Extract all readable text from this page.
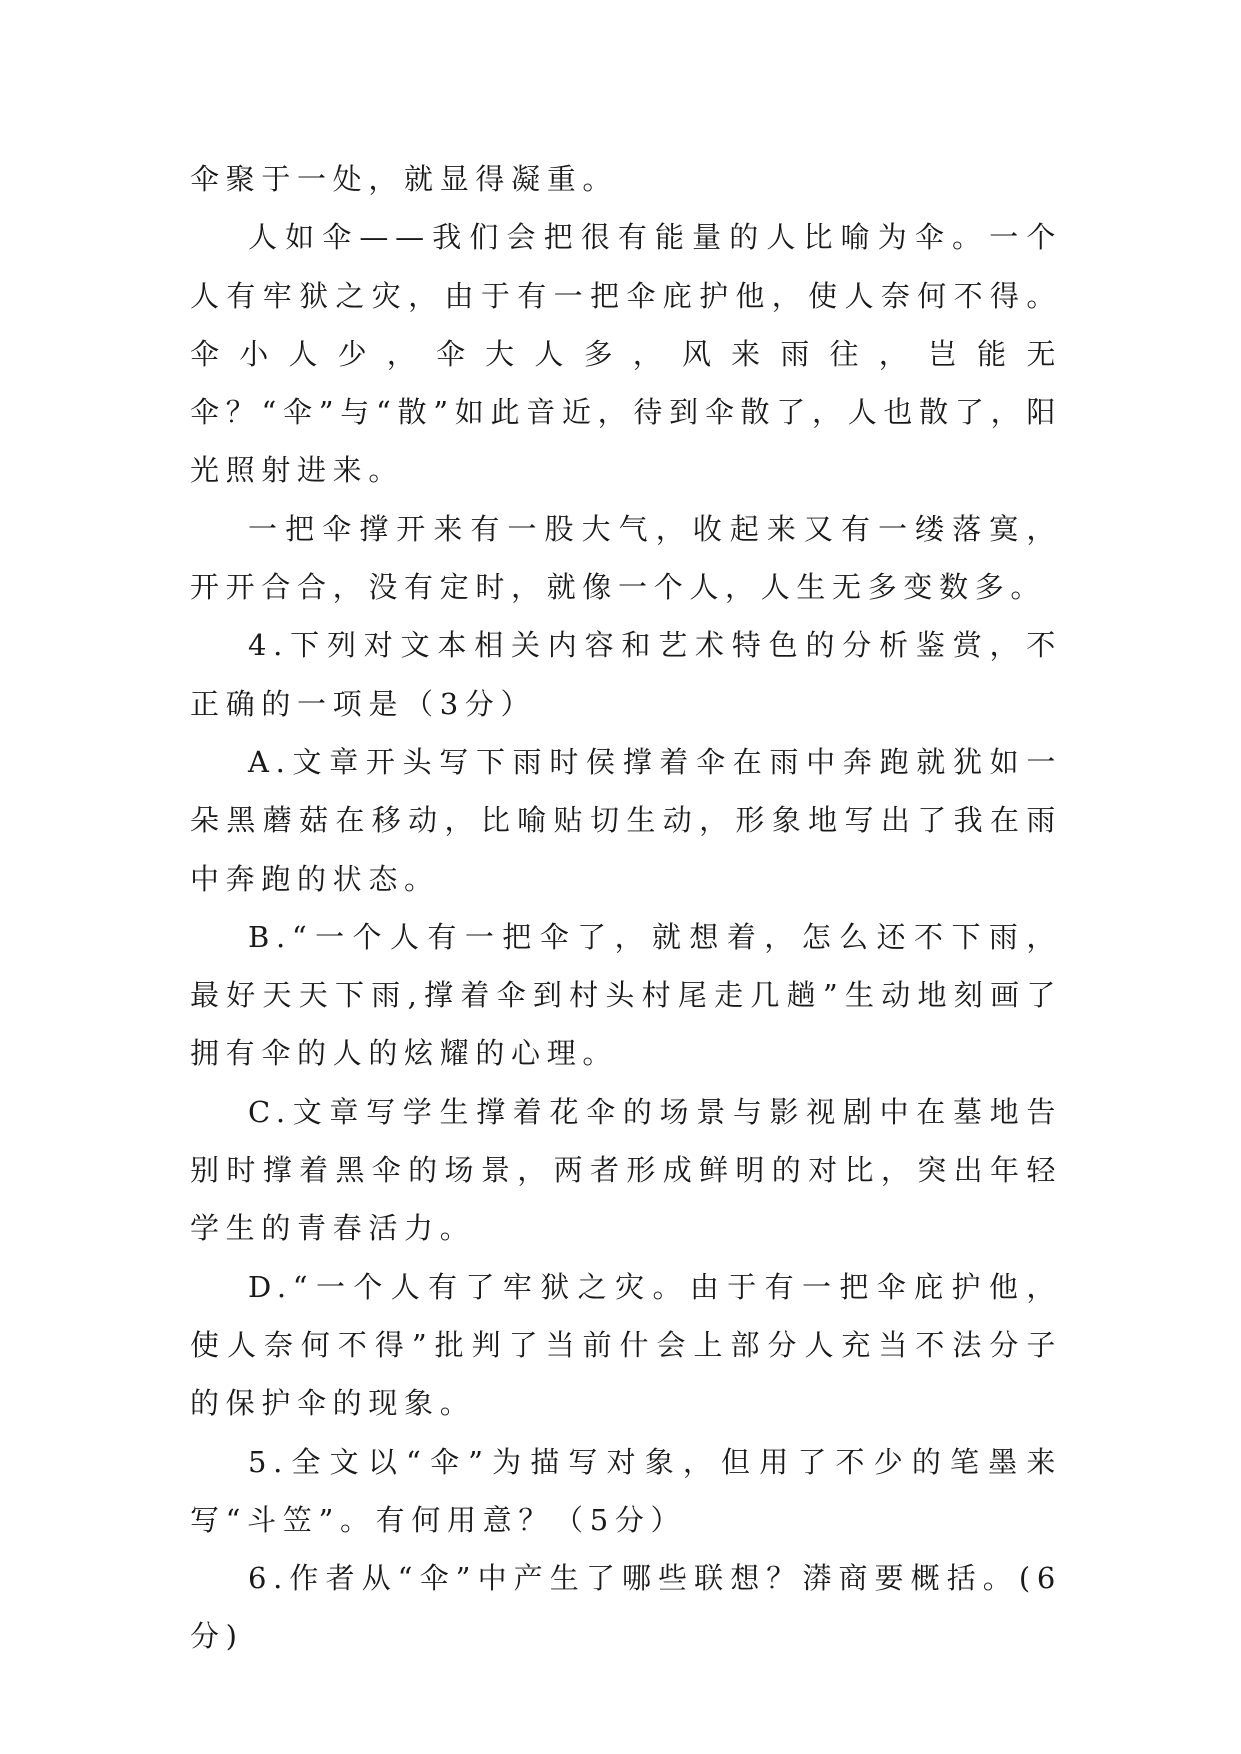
伞聚于一处，就显得凝重。

人如伞——我们会把很有能量的人比喻为伞。一个人有牢狱之灾，由于有一把伞庇护他，使人奈何不得。伞小人少，伞大人多，风来雨往，岂能无伞？“伞”与“散”如此音近，待到伞散了，人也散了，阳光照射进来。

一把伞撑开来有一股大气，收起来又有一缕落寞，开开合合，没有定时，就像一个人，人生无多变数多。

4.下列对文本相关内容和艺术特色的分析鉴赏，不正确的一项是（3分）

A.文章开头写下雨时侯撑着伞在雨中奔跑就犹如一朵黑蘑菇在移动，比喻贴切生动，形象地写出了我在雨中奔跑的状态。

B.“一个人有一把伞了，就想着，怎么还不下雨，最好天天下雨,撑着伞到村头村尾走几趟”生动地刻画了拥有伞的人的炫耀的心理。

C.文章写学生撑着花伞的场景与影视剧中在墓地告别时撑着黑伞的场景，两者形成鲜明的对比，突出年轻学生的青春活力。

D.“一个人有了牢狱之灾。由于有一把伞庇护他，使人奈何不得”批判了当前什会上部分人充当不法分子的保护伞的现象。

5.全文以“伞”为描写对象，但用了不少的笔墨来写“斗笠”。有何用意？（5分）

6.作者从“伞”中产生了哪些联想？漭商要概括。(6分)
